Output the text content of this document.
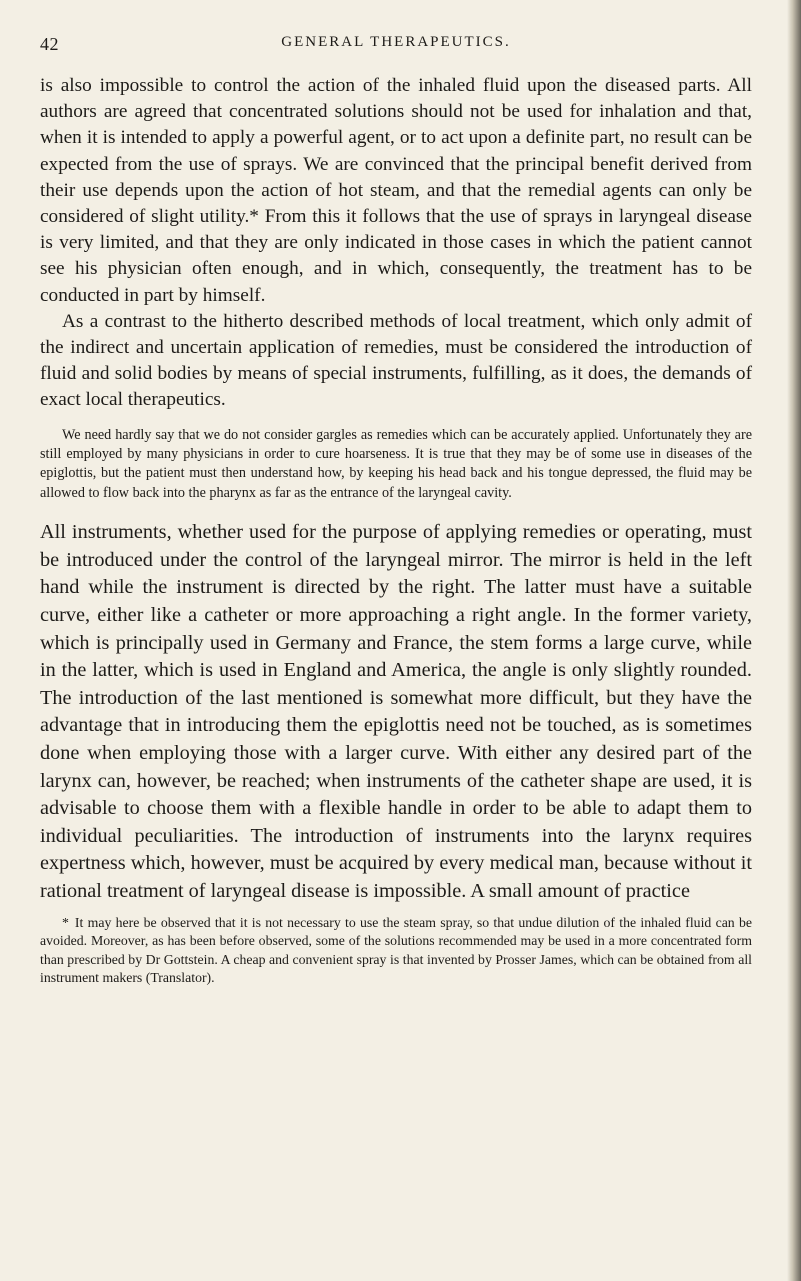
42	GENERAL THERAPEUTICS.

is also impossible to control the action of the inhaled fluid upon the diseased parts. All authors are agreed that concentrated solutions should not be used for inhalation and that, when it is intended to apply a powerful agent, or to act upon a definite part, no result can be expected from the use of sprays. We are convinced that the principal benefit derived from their use depends upon the action of hot steam, and that the remedial agents can only be considered of slight utility.* From this it follows that the use of sprays in laryngeal disease is very limited, and that they are only indicated in those cases in which the patient cannot see his physician often enough, and in which, consequently, the treatment has to be conducted in part by himself.

As a contrast to the hitherto described methods of local treatment, which only admit of the indirect and uncertain application of remedies, must be considered the introduction of fluid and solid bodies by means of special instruments, fulfilling, as it does, the demands of exact local therapeutics.

We need hardly say that we do not consider gargles as remedies which can be accurately applied. Unfortunately they are still employed by many physicians in order to cure hoarseness. It is true that they may be of some use in diseases of the epiglottis, but the patient must then understand how, by keeping his head back and his tongue depressed, the fluid may be allowed to flow back into the pharynx as far as the entrance of the laryngeal cavity.

All instruments, whether used for the purpose of applying remedies or operating, must be introduced under the control of the laryngeal mirror. The mirror is held in the left hand while the instrument is directed by the right. The latter must have a suitable curve, either like a catheter or more approaching a right angle. In the former variety, which is principally used in Germany and France, the stem forms a large curve, while in the latter, which is used in England and America, the angle is only slightly rounded. The introduction of the last mentioned is somewhat more difficult, but they have the advantage that in introducing them the epiglottis need not be touched, as is sometimes done when employing those with a larger curve. With either any desired part of the larynx can, however, be reached; when instruments of the catheter shape are used, it is advisable to choose them with a flexible handle in order to be able to adapt them to individual peculiarities. The introduction of instruments into the larynx requires expertness which, however, must be acquired by every medical man, because without it rational treatment of laryngeal disease is impossible. A small amount of practice

* It may here be observed that it is not necessary to use the steam spray, so that undue dilution of the inhaled fluid can be avoided. Moreover, as has been before observed, some of the solutions recommended may be used in a more concentrated form than prescribed by Dr Gottstein. A cheap and convenient spray is that invented by Prosser James, which can be obtained from all instrument makers (Translator).
